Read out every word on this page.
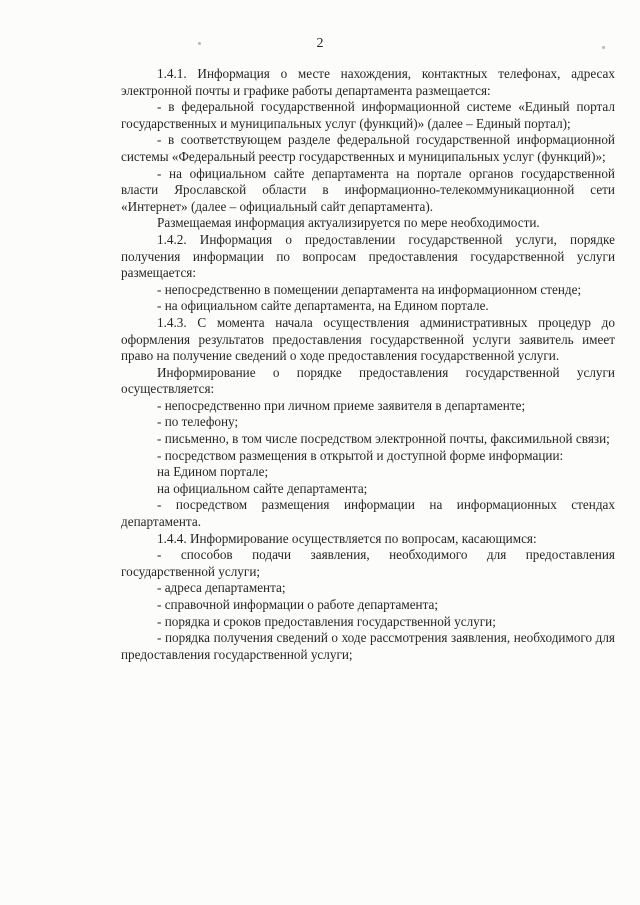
2

1.4.1. Информация о месте нахождения, контактных телефонах, адресах электронной почты и графике работы департамента размещается:

- в федеральной государственной информационной системе «Единый портал государственных и муниципальных услуг (функций)» (далее – Единый портал);

- в соответствующем разделе федеральной государственной информационной системы «Федеральный реестр государственных и муниципальных услуг (функций)»;

- на официальном сайте департамента на портале органов государственной власти Ярославской области в информационно-телекоммуникационной сети «Интернет» (далее – официальный сайт департамента).

Размещаемая информация актуализируется по мере необходимости.

1.4.2. Информация о предоставлении государственной услуги, порядке получения информации по вопросам предоставления государственной услуги размещается:

- непосредственно в помещении департамента на информационном стенде;

- на официальном сайте департамента, на Едином портале.

1.4.3. С момента начала осуществления административных процедур до оформления результатов предоставления государственной услуги заявитель имеет право на получение сведений о ходе предоставления государственной услуги.

Информирование о порядке предоставления государственной услуги осуществляется:

- непосредственно при личном приеме заявителя в департаменте;

- по телефону;

- письменно, в том числе посредством электронной почты, факсимильной связи;

- посредством размещения в открытой и доступной форме информации:

на Едином портале;

на официальном сайте департамента;

- посредством размещения информации на информационных стендах департамента.

1.4.4. Информирование осуществляется по вопросам, касающимся:

- способов подачи заявления, необходимого для предоставления государственной услуги;

- адреса департамента;

- справочной информации о работе департамента;

- порядка и сроков предоставления государственной услуги;

- порядка получения сведений о ходе рассмотрения заявления, необходимого для предоставления государственной услуги;
